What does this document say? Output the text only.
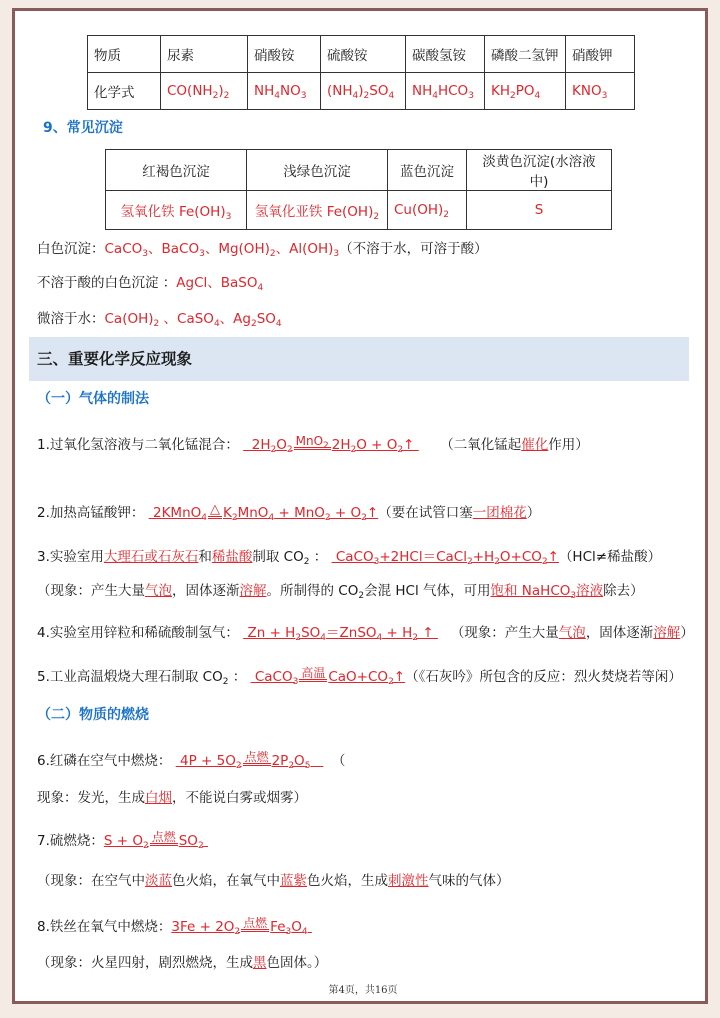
物质	尿素	硝酸铵	硫酸铵	碳酸氢铵	磷酸二氢钾	硝酸钾
化学式	$CO(NH_2)_2$	$NH_4NO_3$	$(NH_4)_2SO_4$	$NH_4HCO_3$	$KH_2PO_4$	$KNO_3$
9、常见沉淀
红褐色沉淀	浅绿色沉淀	蓝色沉淀	淡黄色沉淀(水溶液中)
氢氧化铁 $Fe(OH)_3$	氢氧化亚铁 $Fe(OH)_2$	$Cu(OH)_2$	S
白色沉淀：CaCO$_3$、BaCO$_3$、$Mg(OH)_2$、$Al(OH)_3$（不溶于水，可溶于酸）
不溶于酸的白色沉淀 ：AgCl、BaSO$_4$
微溶于水：$Ca(OH)_2$ 、CaSO$_4$、$Ag_2SO_4$
三、重要化学反应现象
（一）气体的制法
1.过氧化氢溶液与二氧化锰混合：   $2H_2O_2MnO_2$ $2H_2O$ + $O_2↑$      （二氧化锰起催化作用）
2.加热高锰酸钾：  2KMnO$_4$△ $K_2MnO_4 + MnO_2$ + $O_2↑$（要在试管口塞一团棉花）
3.实验室用大理石或石灰石和稀盐酸制取 $CO_2$ ：  $CaCO_3+2HCl=CaCl_2+H_2O+CO_2↑(HCl\ne$稀盐酸）
（现象：产生大量气泡，固体逐渐溶解。所制得的 $CO_2$会混 HCl 气体，可用饱和 NaHCO$_3$溶液除去）
4.实验室用锌粒和稀硫酸制氢气：  $Zn + H_2SO_4=ZnSO_4 + H_2$ ↑    （现象：产生大量气泡，固体逐渐溶解）
5.工业高温煅烧大理石制取 $CO_2$ ：  CaCO$_3$高温 $CaO+CO_2↑$（《石灰吟》所包含的反应：烈火焚烧若等闲）
（二）物质的燃烧
6.红磷在空气中燃烧：  $4P + 5O_2$点燃 $2P_2O_5$ （
现象：发光，生成白烟，不能说白雾或烟雾）
7.硫燃烧：$S + O_2$点燃 $SO_2$
（现象：在空气中淡蓝色火焰，在氧气中蓝紫色火焰，生成刺激性气味的气体）
8.铁丝在氧气中燃烧：$3Fe + 2O_2$点燃 $Fe_3O_4$
（现象：火星四射，剧烈燃烧，生成黑色固体。）
第4页，共16页
